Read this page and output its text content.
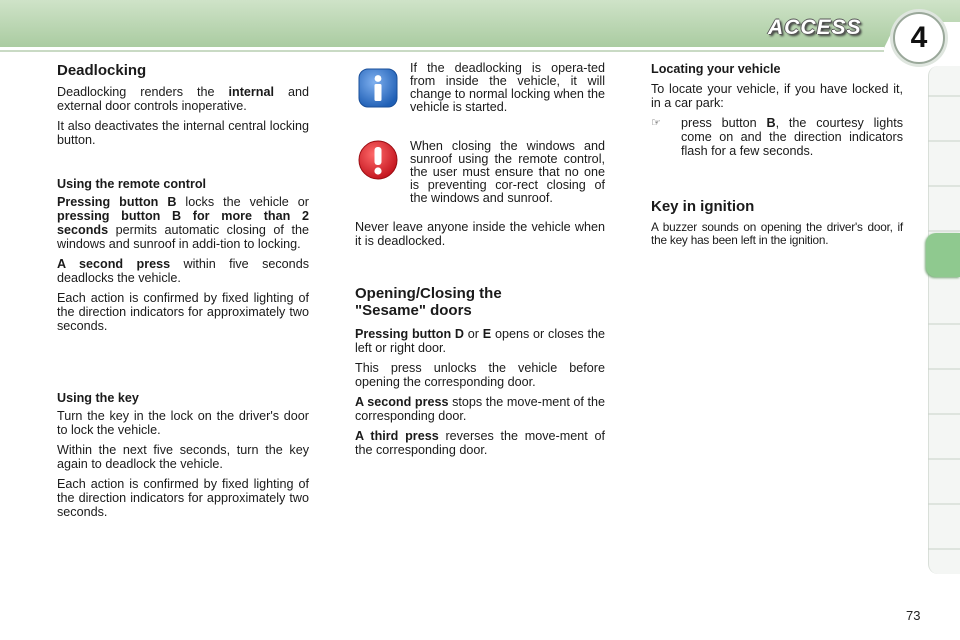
ACCESS	4
Deadlocking

Deadlocking renders the internal and external door controls inoperative.

It also deactivates the internal central locking button.

Using the remote control

Pressing button B locks the vehicle or pressing button B for more than 2 seconds permits automatic closing of the windows and sunroof in addi-tion to locking.

A second press within five seconds deadlocks the vehicle.

Each action is confirmed by fixed lighting of the direction indicators for approximately two seconds.

Using the key

Turn the key in the lock on the driver's door to lock the vehicle.

Within the next five seconds, turn the key again to deadlock the vehicle.

Each action is confirmed by fixed lighting of the direction indicators for approximately two seconds.

If the deadlocking is opera-ted from inside the vehicle, it will change to normal locking when the vehicle is started.
When closing the windows and sunroof using the remote control, the user must ensure that no one is preventing cor-rect closing of the windows and sunroof.

Never leave anyone inside the vehicle when it is deadlocked.

Opening/Closing the "Sesame" doors

Pressing button D or E opens or closes the left or right door.

This press unlocks the vehicle before opening the corresponding door.

A second press stops the move-ment of the corresponding door.

A third press reverses the move-ment of the corresponding door.

Locating your vehicle

To locate your vehicle, if you have locked it, in a car park:

☞	press button B, the courtesy lights come on and the direction indicators flash for a few seconds.
Key in ignition

A buzzer sounds on opening the driver's door, if the key has been left in the ignition.

73
